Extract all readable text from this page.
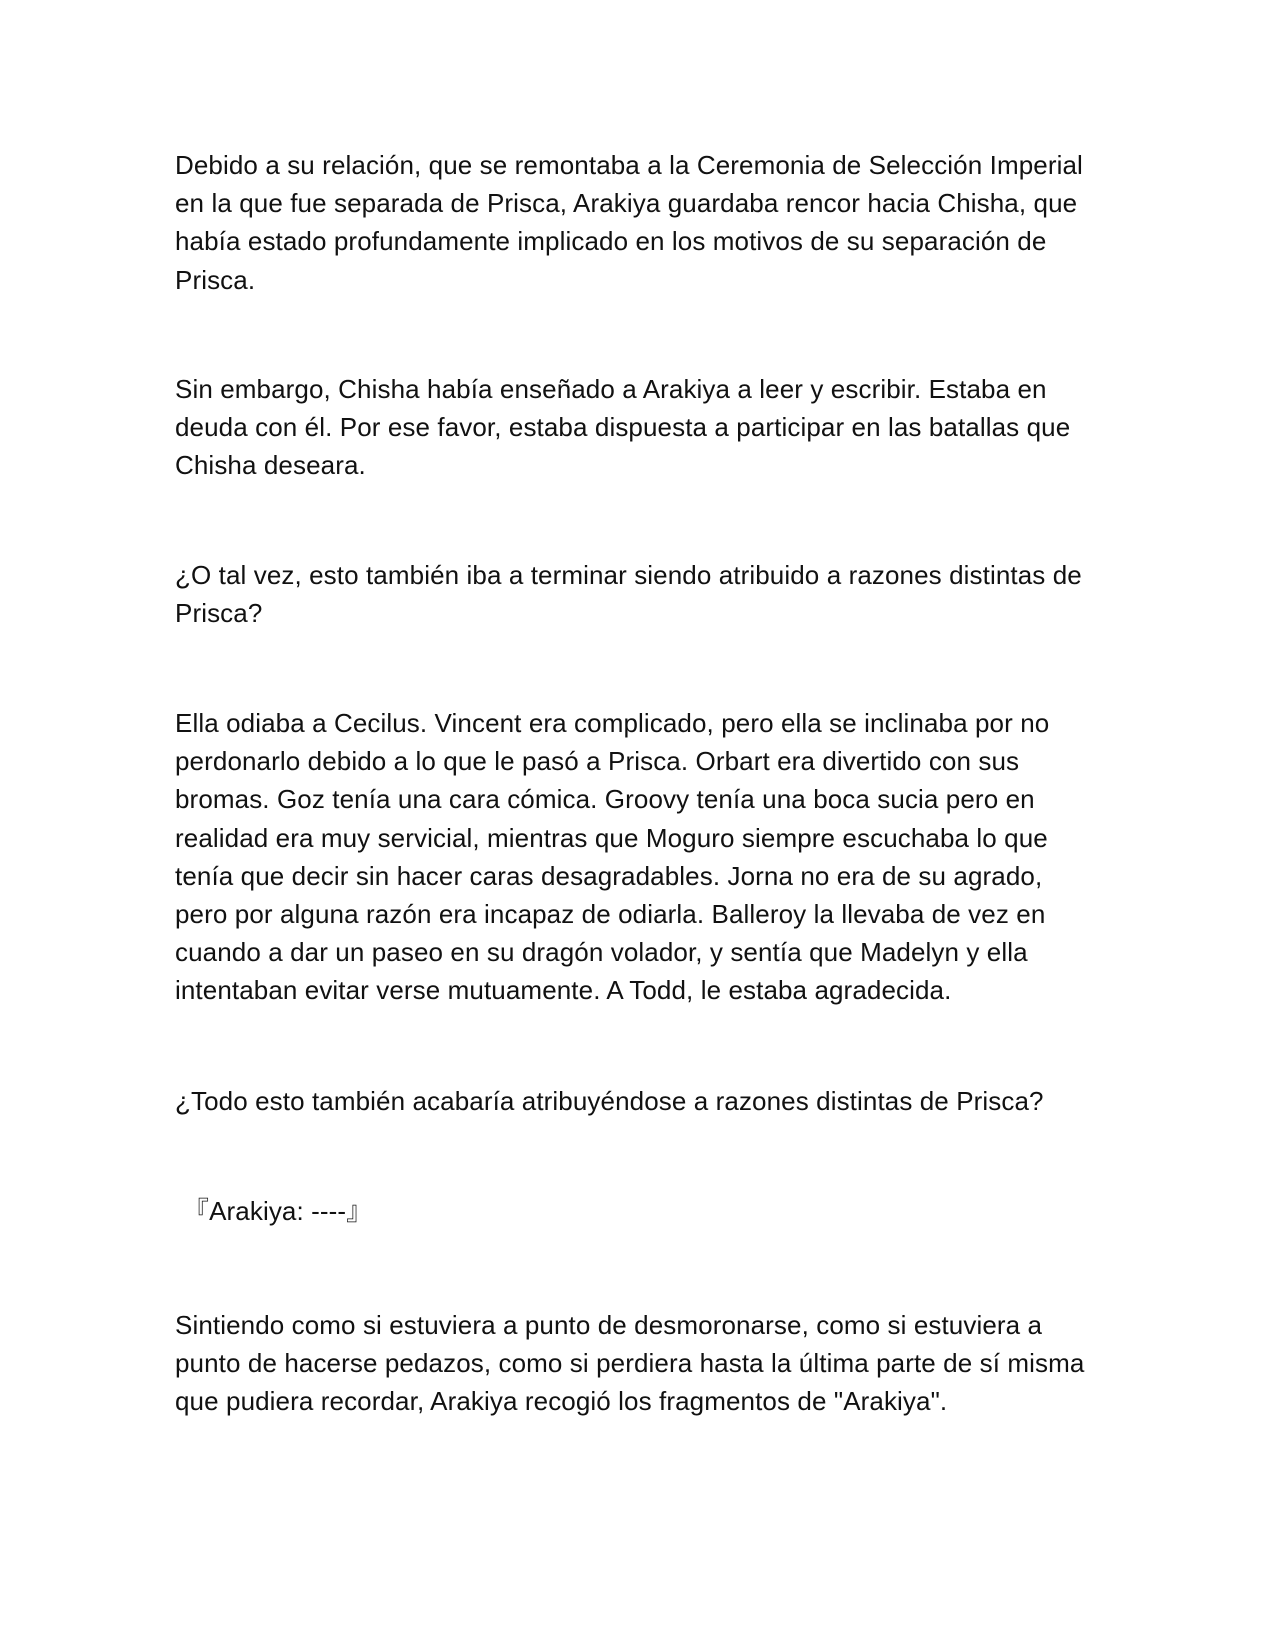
Debido a su relación, que se remontaba a la Ceremonia de Selección Imperial
en la que fue separada de Prisca, Arakiya guardaba rencor hacia Chisha, que
había estado profundamente implicado en los motivos de su separación de
Prisca.

Sin embargo, Chisha había enseñado a Arakiya a leer y escribir. Estaba en
deuda con él. Por ese favor, estaba dispuesta a participar en las batallas que
Chisha deseara.

¿O tal vez, esto también iba a terminar siendo atribuido a razones distintas de
Prisca?

Ella odiaba a Cecilus. Vincent era complicado, pero ella se inclinaba por no
perdonarlo debido a lo que le pasó a Prisca. Orbart era divertido con sus
bromas. Goz tenía una cara cómica. Groovy tenía una boca sucia pero en
realidad era muy servicial, mientras que Moguro siempre escuchaba lo que
tenía que decir sin hacer caras desagradables. Jorna no era de su agrado,
pero por alguna razón era incapaz de odiarla. Balleroy la llevaba de vez en
cuando a dar un paseo en su dragón volador, y sentía que Madelyn y ella
intentaban evitar verse mutuamente. A Todd, le estaba agradecida.

¿Todo esto también acabaría atribuyéndose a razones distintas de Prisca?

『Arakiya: ----』

Sintiendo como si estuviera a punto de desmoronarse, como si estuviera a
punto de hacerse pedazos, como si perdiera hasta la última parte de sí misma
que pudiera recordar, Arakiya recogió los fragmentos de "Arakiya".
